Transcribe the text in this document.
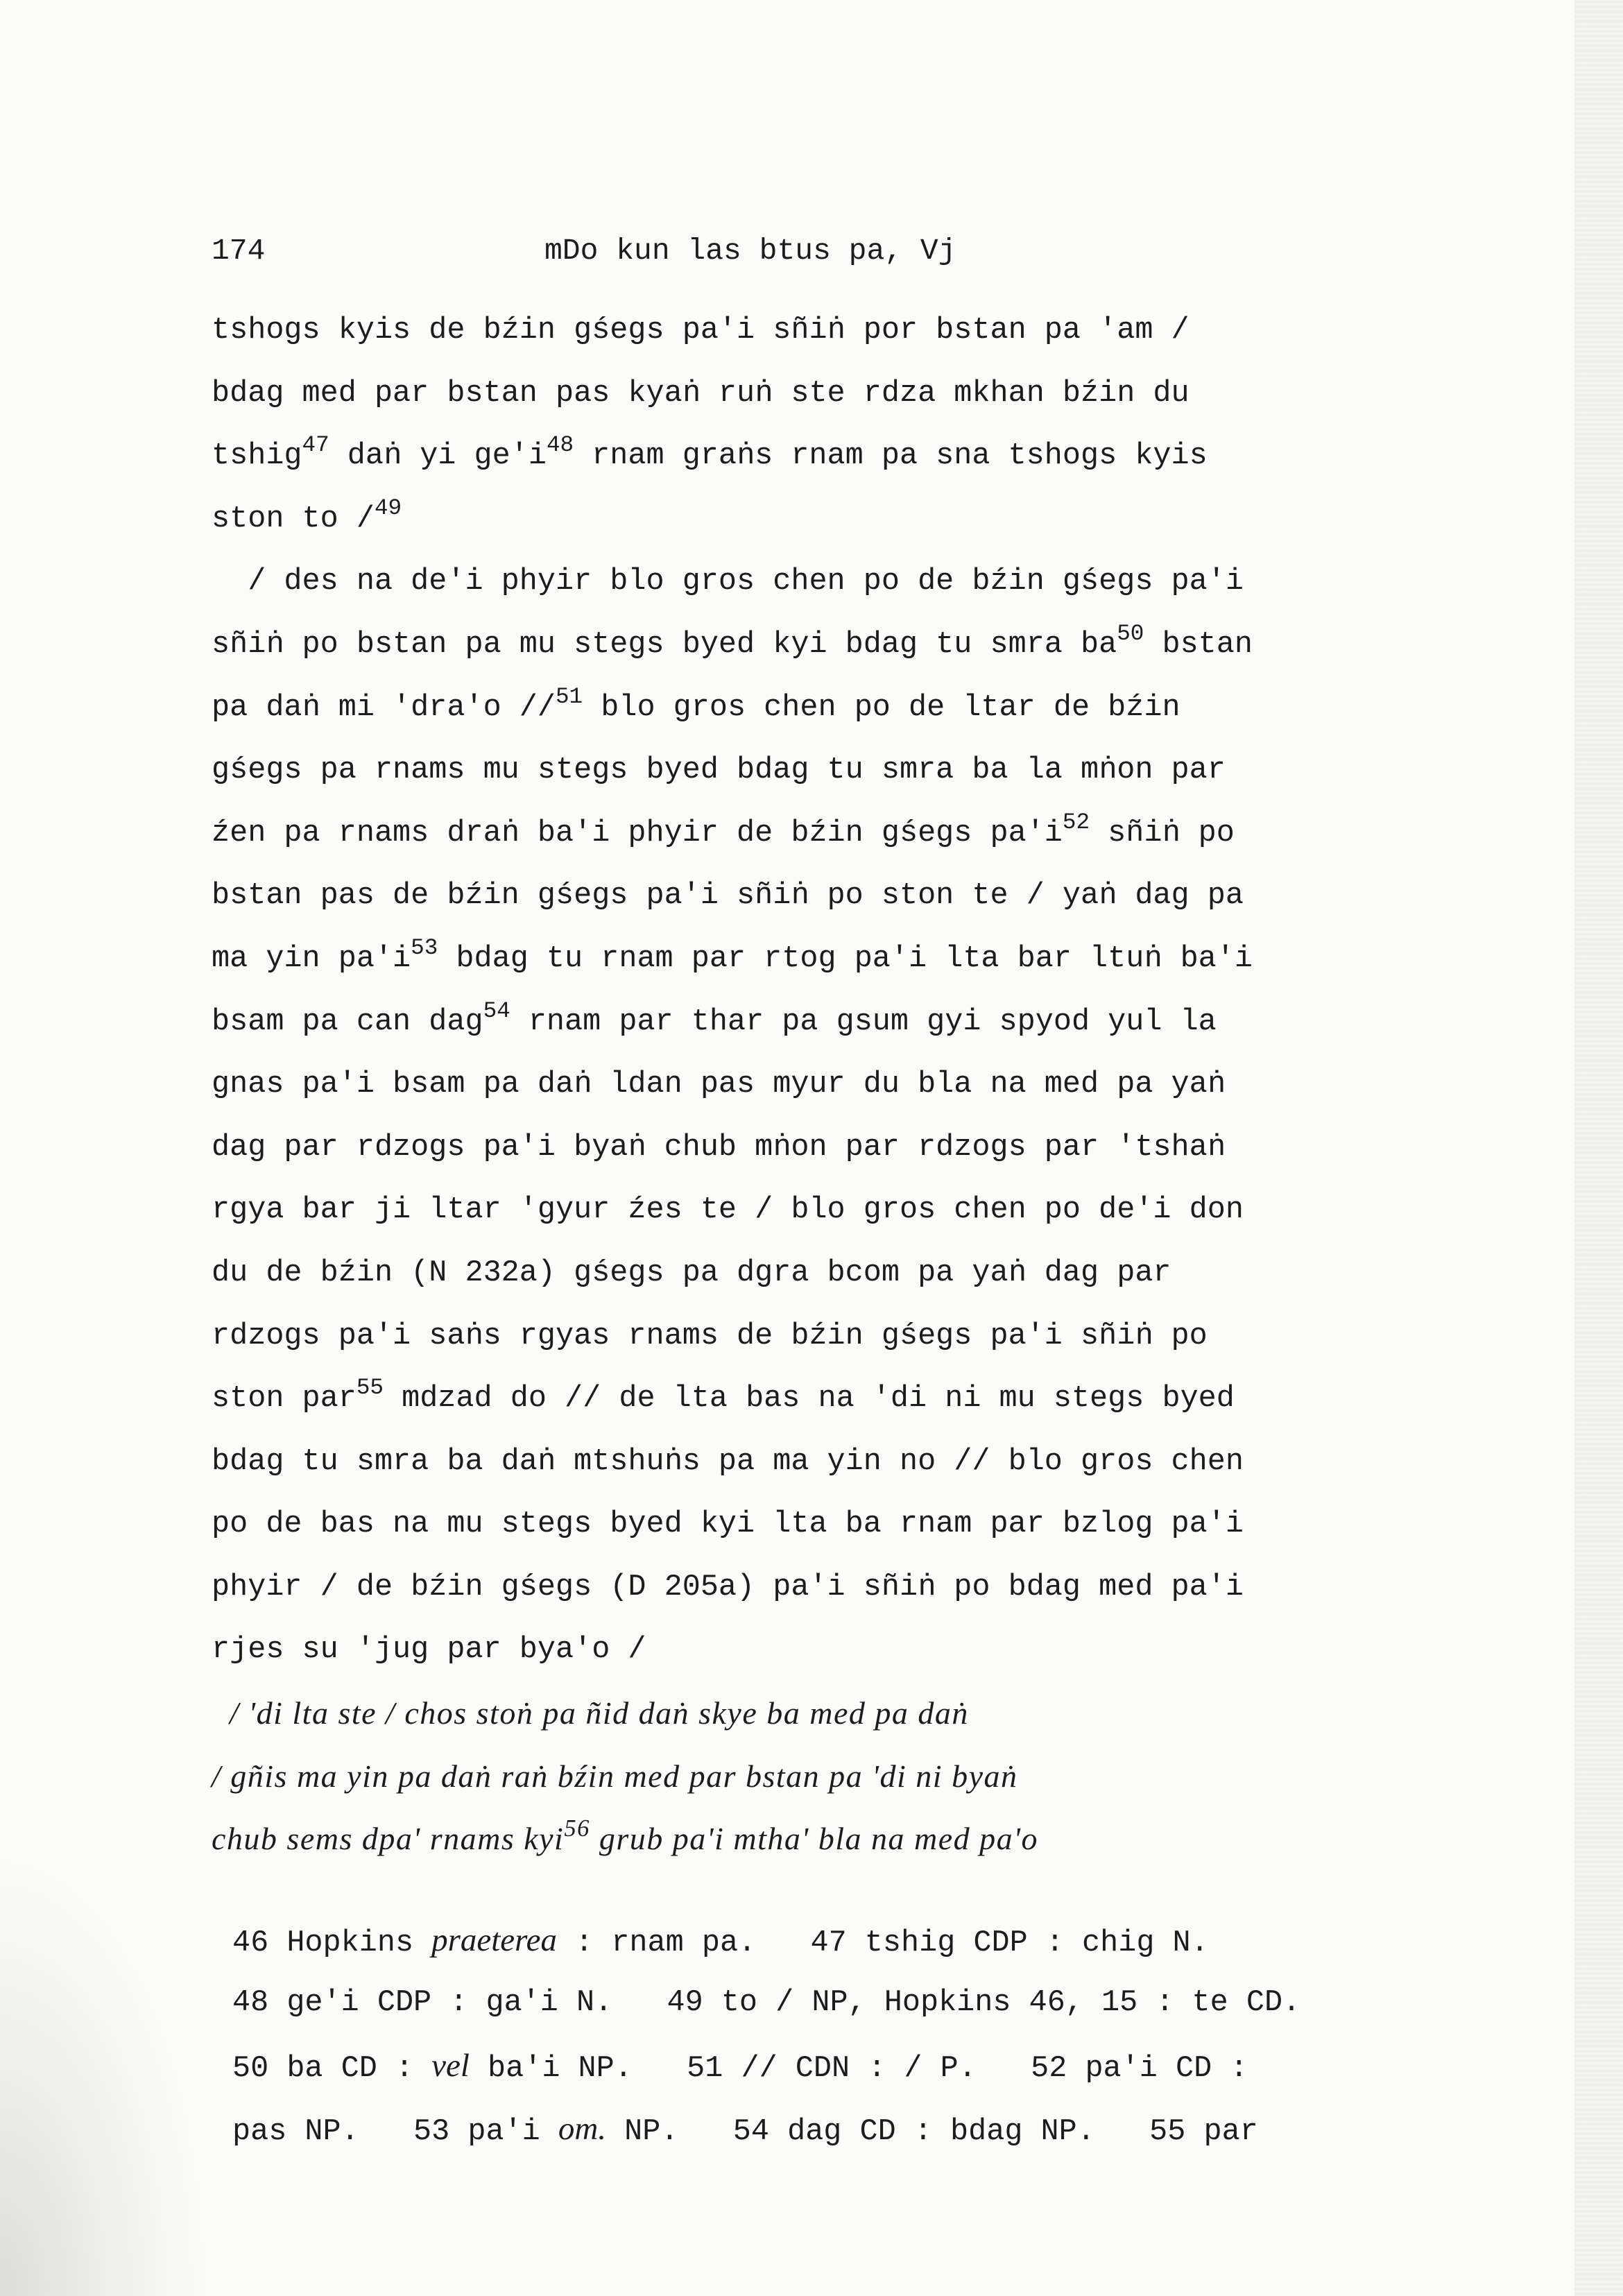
174	mDo kun las btus pa, Vj
tshogs kyis de bźin gśegs pa'i sñiṅ por bstan pa 'am /
bdag med par bstan pas kyaṅ ruṅ ste rdza mkhan bźin du
tshig$^{47}$ daṅ yi $ge'i^{48}$ rnam graṅs rnam pa sna tshogs kyis
ston to /$^{49}$
/ des na de'i phyir blo gros chen po de bźin gśegs pa'i
sñiṅ po bstan pa mu stegs byed kyi bdag tu smra $ba^{50}$ bstan
pa daṅ mi 'dra'o //$^{51}$ blo gros chen po de ltar de bźin
gśegs pa rnams mu stegs byed bdag tu smra ba la mṅon par
źen pa rnams draṅ ba'i phyir de bźin gśegs $pa'i^{52}$ sñiṅ po
bstan pas de bźin gśegs pa'i sñiṅ po ston te / yaṅ dag pa
ma yin $pa'i^{53}$ bdag tu rnam par rtog pa'i lta bar ltuṅ ba'i
bsam pa can dag$^{54}$ rnam par thar pa gsum gyi spyod yul la
gnas pa'i bsam pa daṅ ldan pas myur du bla na med pa yaṅ
dag par rdzogs pa'i byaṅ chub mṅon par rdzogs par 'tshaṅ
rgya bar ji ltar 'gyur źes te / blo gros chen po de'i don
du de bźin (N 232a) gśegs pa dgra bcom pa yaṅ dag par
rdzogs pa'i saṅs rgyas rnams de bźin gśegs pa'i sñiṅ po
ston par$^{55}$ mdzad do // de lta bas na 'di ni mu stegs byed
bdag tu smra ba daṅ mtshuṅs pa ma yin no // blo gros chen
po de bas na mu stegs byed kyi lta ba rnam par bzlog pa'i
phyir / de bźin gśegs (D 205a) pa'i sñiṅ po bdag med pa'i
rjes su 'jug par bya'o /
/ 'di lta ste / chos stoṅ pa ñid daṅ skye ba med pa daṅ
/ gñis ma yin pa daṅ raṅ bźin med par bstan pa 'di ni byaṅ
chub sems dpa' rnams kyi$^{56}$ grub pa'i mtha' bla na med pa'o
46 Hopkins praeterea : rnam pa.   47 tshig CDP : chig N.
48 ge'i CDP : ga'i N.   49 to / NP, Hopkins 46, 15 : te CD.
50 ba CD : vel ba'i NP.   51 // CDN : / P.   52 pa'i CD :
pas NP.   53 pa'i om. NP.   54 dag CD : bdag NP.   55 par
